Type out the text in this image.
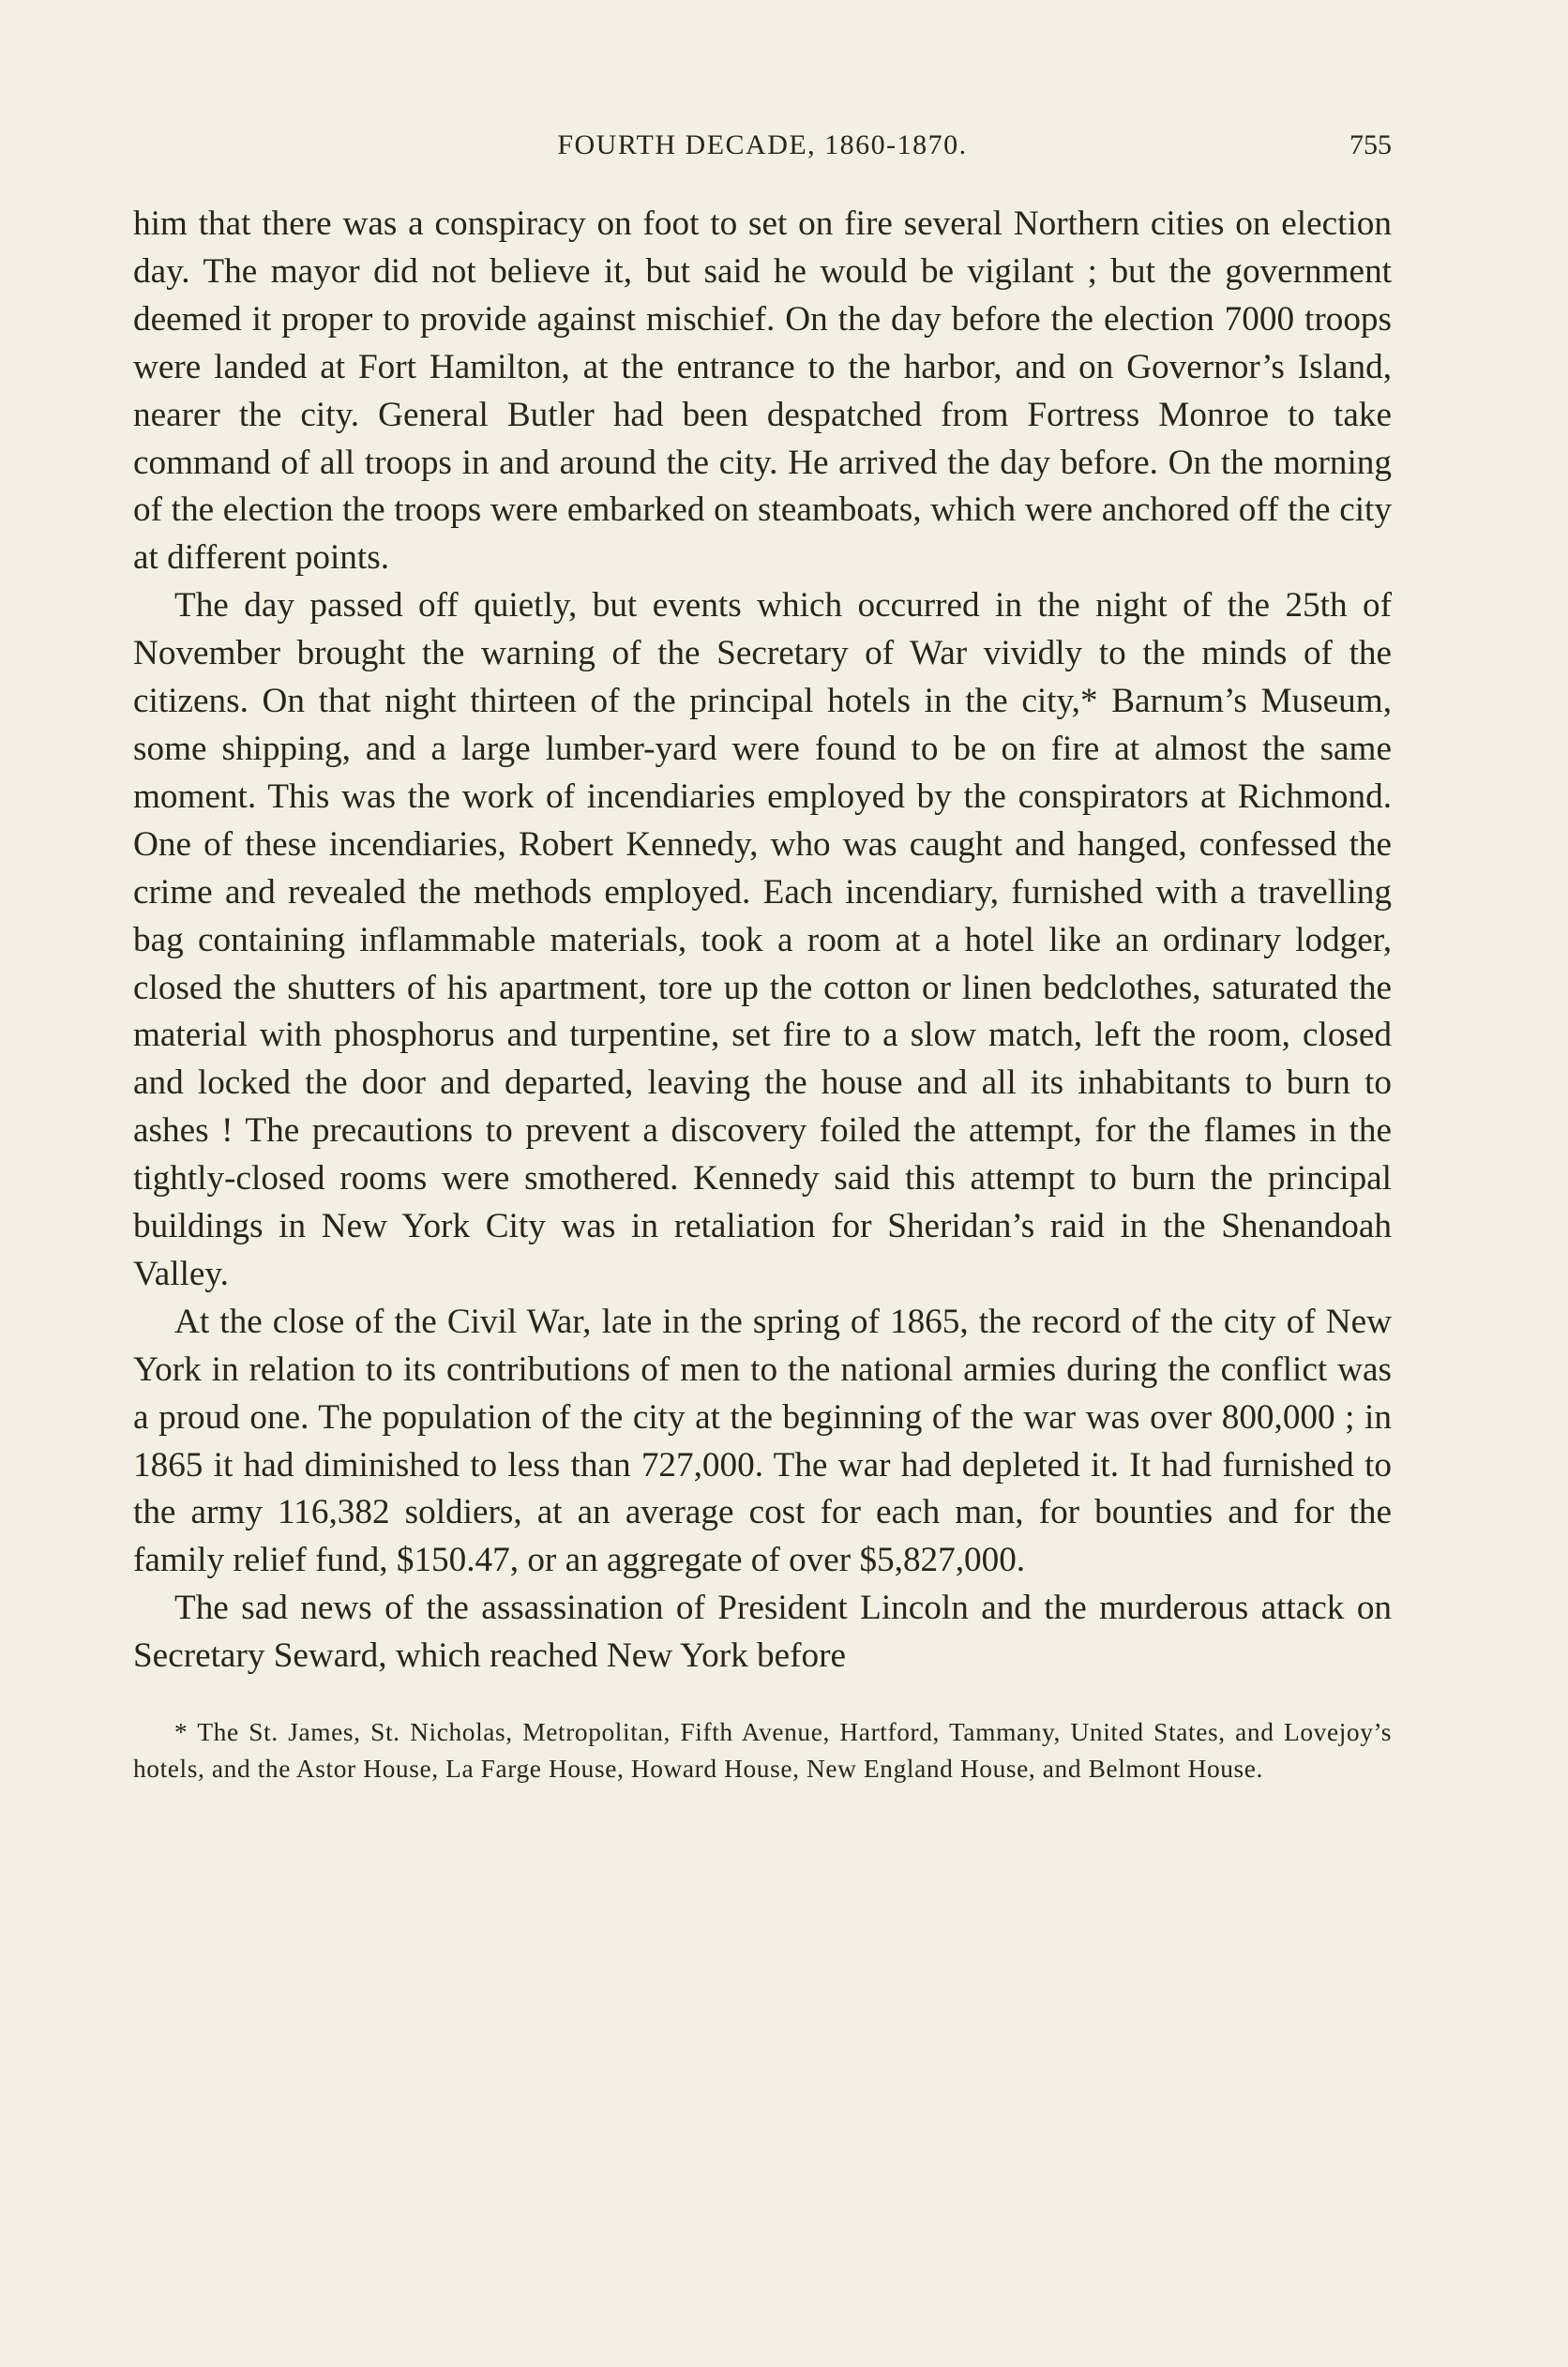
FOURTH DECADE, 1860-1870.	755

him that there was a conspiracy on foot to set on fire several Northern cities on election day. The mayor did not believe it, but said he would be vigilant ; but the government deemed it proper to provide against mischief. On the day before the election 7000 troops were landed at Fort Hamilton, at the entrance to the harbor, and on Governor’s Island, nearer the city. General Butler had been despatched from Fortress Monroe to take command of all troops in and around the city. He arrived the day before. On the morning of the election the troops were embarked on steamboats, which were anchored off the city at different points.

The day passed off quietly, but events which occurred in the night of the 25th of November brought the warning of the Secretary of War vividly to the minds of the citizens. On that night thirteen of the principal hotels in the city,* Barnum’s Museum, some shipping, and a large lumber-yard were found to be on fire at almost the same moment. This was the work of incendiaries employed by the conspirators at Richmond. One of these incendiaries, Robert Kennedy, who was caught and hanged, confessed the crime and revealed the methods employed. Each incendiary, furnished with a travelling bag containing inflammable materials, took a room at a hotel like an ordinary lodger, closed the shutters of his apartment, tore up the cotton or linen bedclothes, saturated the material with phosphorus and turpentine, set fire to a slow match, left the room, closed and locked the door and departed, leaving the house and all its inhabitants to burn to ashes ! The precautions to prevent a discovery foiled the attempt, for the flames in the tightly-closed rooms were smothered. Kennedy said this attempt to burn the principal buildings in New York City was in retaliation for Sheridan’s raid in the Shenandoah Valley.

At the close of the Civil War, late in the spring of 1865, the record of the city of New York in relation to its contributions of men to the national armies during the conflict was a proud one. The population of the city at the beginning of the war was over 800,000 ; in 1865 it had diminished to less than 727,000. The war had depleted it. It had furnished to the army 116,382 soldiers, at an average cost for each man, for bounties and for the family relief fund, $150.47, or an aggregate of over $5,827,000.

The sad news of the assassination of President Lincoln and the murderous attack on Secretary Seward, which reached New York before

* The St. James, St. Nicholas, Metropolitan, Fifth Avenue, Hartford, Tammany, United States, and Lovejoy’s hotels, and the Astor House, La Farge House, Howard House, New England House, and Belmont House.
